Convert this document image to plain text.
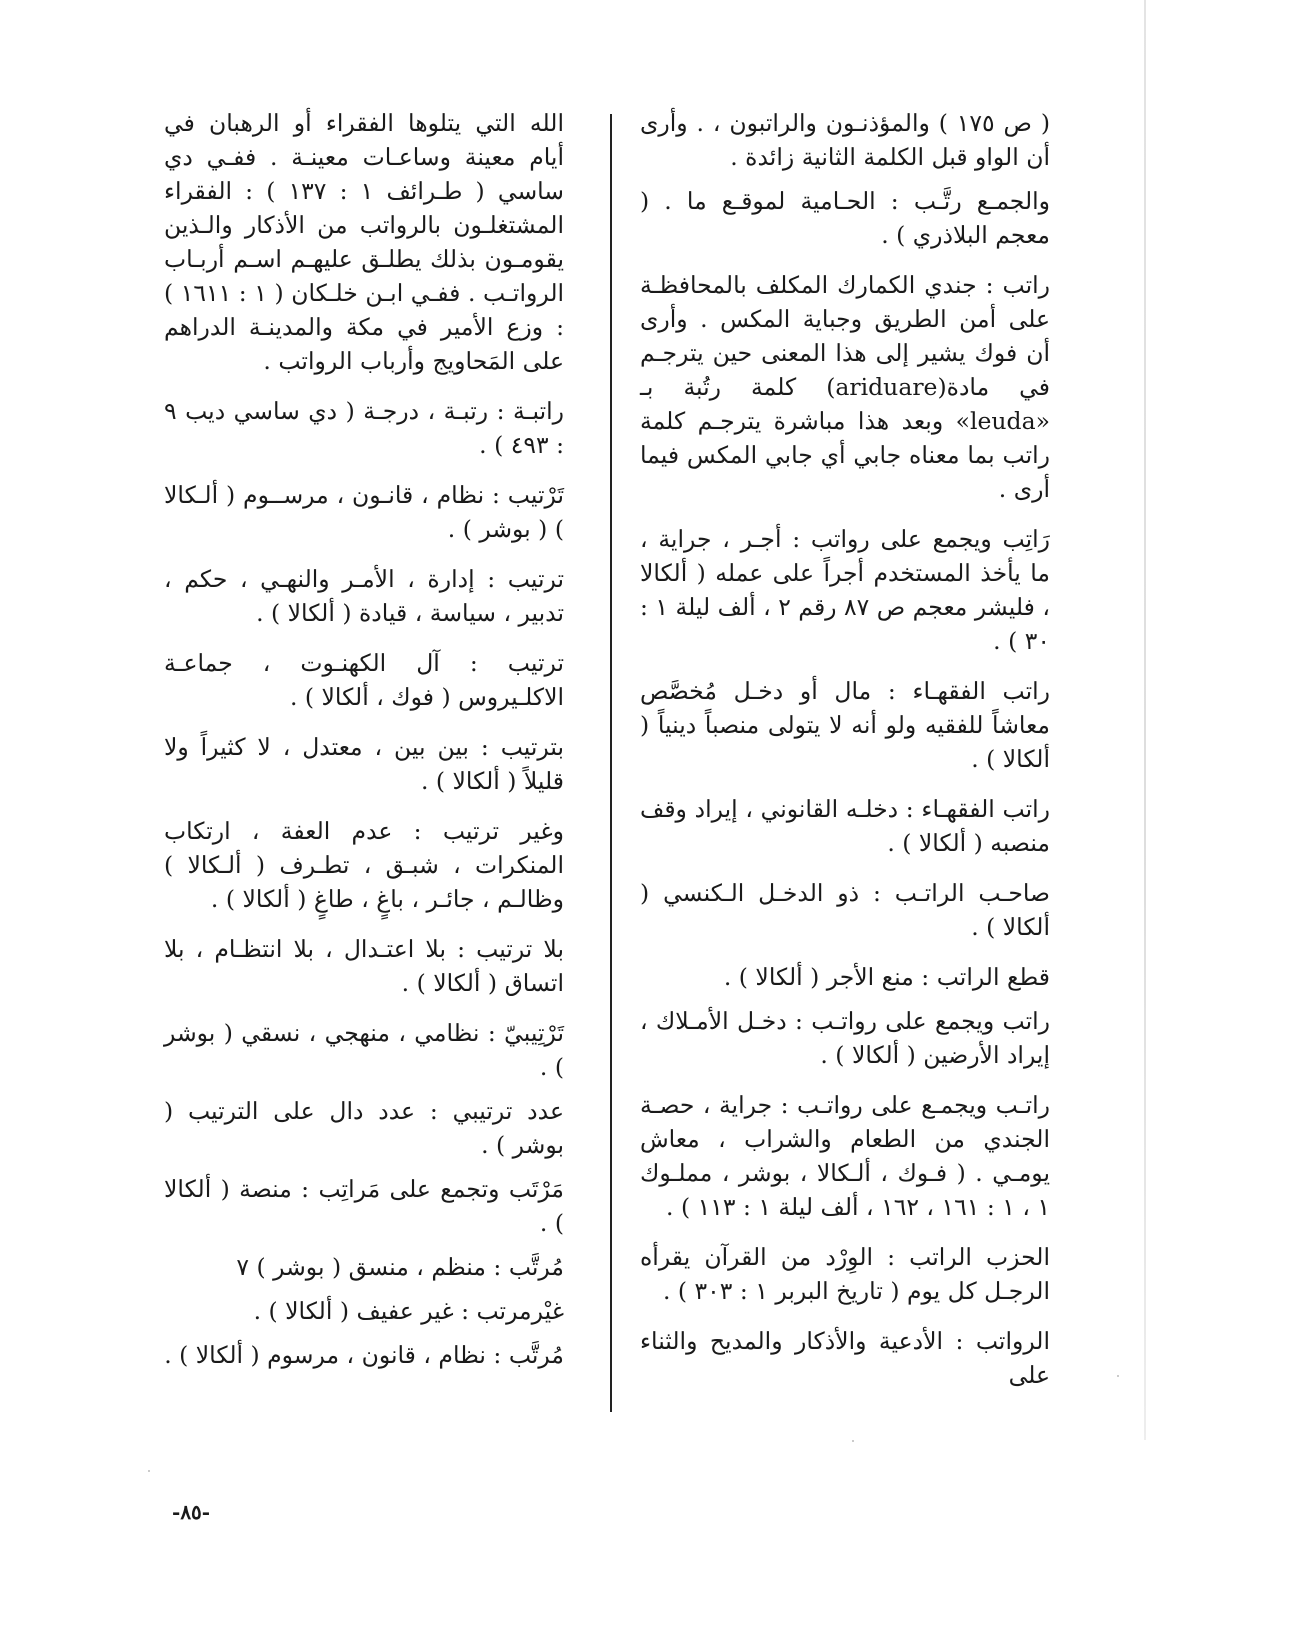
( ص ١٧٥ ) والمؤذنـون والراتبون ، . وأرى أن الواو قبل الكلمة الثانية زائدة .

والجمـع رتَّـب : الحـامية لموقـع ما . ( معجم البلاذري ) .

راتب : جندي الكمارك المكلف بالمحافظـة على أمن الطريق وجباية المكس . وأرى أن فوك يشير إلى هذا المعنى حين يترجـم في مادة(ariduare) كلمة رتُبة بـ «leuda» وبعد هذا مباشرة يترجـم كلمة راتب بما معناه جابي أي جابي المكس فيما أرى .

رَاتِب ويجمع على رواتب : أجـر ، جراية ، ما يأخذ المستخدم أجراً على عمله ( ألكالا ، فليشر معجم ص ٨٧ رقم ٢ ، ألف ليلة ١ : ٣٠ ) .

راتب الفقهـاء : مال أو دخـل مُخصَّص معاشاً للفقيه ولو أنه لا يتولى منصباً دينياً ( ألكالا ) .

راتب الفقهـاء : دخلـه القانوني ، إيراد وقف منصبه ( ألكالا ) .

صاحـب الراتـب : ذو الدخـل الـكنسي ( ألكالا ) .

قطع الراتب : منع الأجر ( ألكالا ) .

راتب ويجمع على رواتـب : دخـل الأمـلاك ، إيراد الأرضين ( ألكالا ) .

راتـب ويجمـع على رواتـب : جراية ، حصـة الجندي من الطعام والشراب ، معاش يومـي . ( فـوك ، ألـكالا ، بوشر ، مملـوك ١ ، ١ : ١٦١ ، ١٦٢ ، ألف ليلة ١ : ١١٣ ) .

الحزب الراتب : الوِرْد من القرآن يقرأه الرجـل كل يوم ( تاريخ البربر ١ : ٣٠٣ ) .

الرواتب : الأدعية والأذكار والمديح والثناء على

الله التي يتلوها الفقراء أو الرهبان في أيام معينة وساعـات معينـة . ففـي دي ساسي ( طـرائف ١ : ١٣٧ ) : الفقراء المشتغلـون بالرواتب من الأذكار والـذين يقومـون بذلك يطلـق عليهـم اسـم أربـاب الرواتـب . ففـي ابـن خلـكان ( ١ : ١٦١١ ) : وزع الأمير في مكة والمدينـة الدراهم على المَحاويج وأرباب الرواتب .

راتبـة : رتبـة ، درجـة ( دي ساسي ديب ٩ : ٤٩٣ ) .

تَرْتيب : نظام ، قانـون ، مرســوم ( ألـكالا ) ( بوشر ) .

ترتيب : إدارة ، الأمـر والنهـي ، حكم ، تدبير ، سياسة ، قيادة ( ألكالا ) .

ترتيب : آل الكهنـوت ، جماعـة الاكلـيروس ( فوك ، ألكالا ) .

بترتيب : بين بين ، معتدل ، لا كثيراً ولا قليلاً ( ألكالا ) .

وغير ترتيب : عدم العفة ، ارتكاب المنكرات ، شبـق ، تطـرف ( ألـكالا ) وظالـم ، جائـر ، باغٍ ، طاغٍ ( ألكالا ) .

بلا ترتيب : بلا اعتـدال ، بلا انتظـام ، بلا اتساق ( ألكالا ) .

تَرْتِيبيّ : نظامي ، منهجي ، نسقي ( بوشر ) .

عدد ترتيبي : عدد دال على الترتيب ( بوشر ) .

مَرْتَب وتجمع على مَراتِب : منصة ( ألكالا ) .

مُرتَّب : منظم ، منسق ( بوشر ) ٧

غيْرمرتب : غير عفيف ( ألكالا ) .

مُرتَّب : نظام ، قانون ، مرسوم ( ألكالا ) .

-٨٥-
